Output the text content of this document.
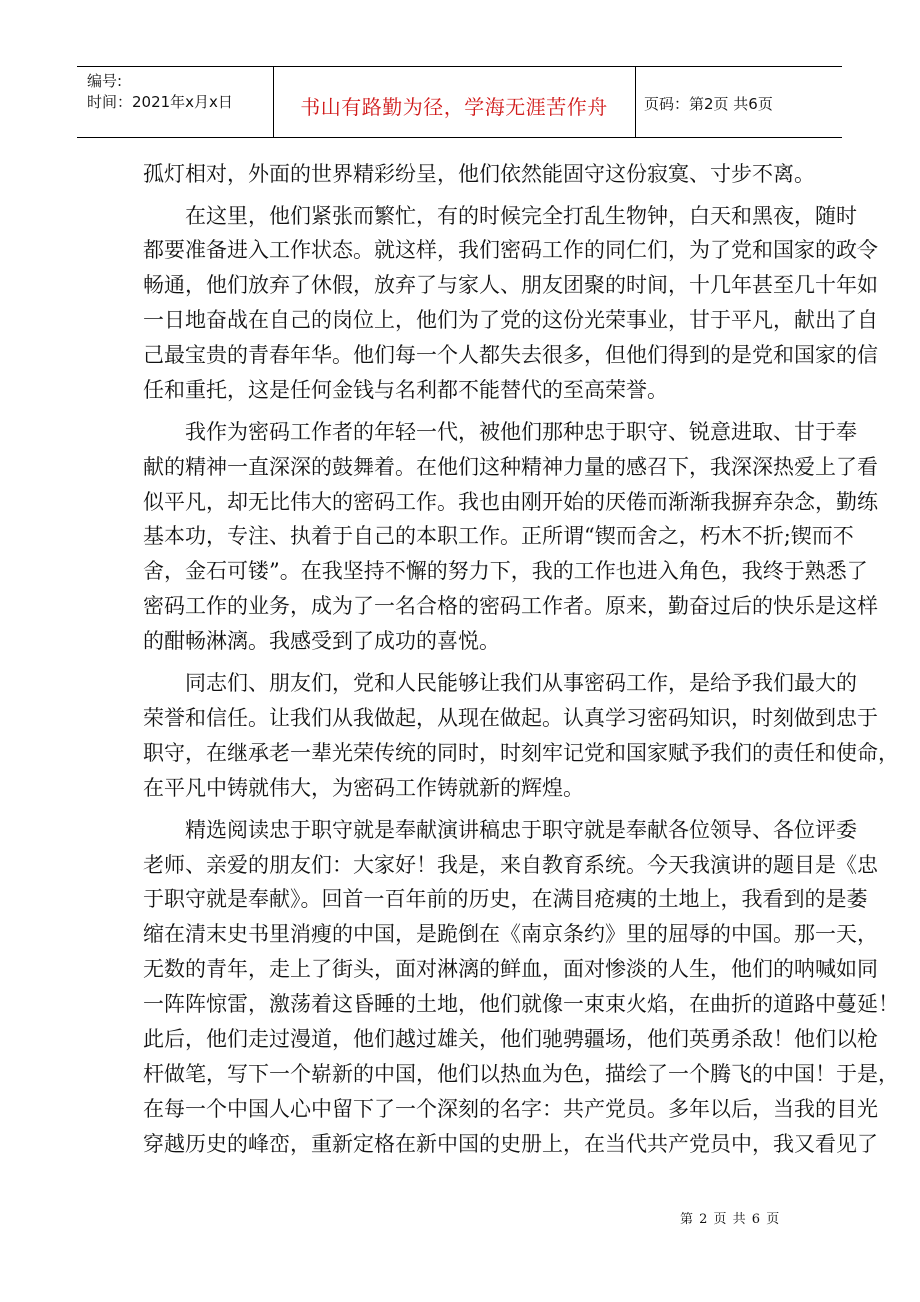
编号:
时间：2021年x月x日	书山有路勤为径，学海无涯苦作舟	页码：第2页 共6页
孤灯相对，外面的世界精彩纷呈，他们依然能固守这份寂寞、寸步不离。
　　在这里，他们紧张而繁忙，有的时候完全打乱生物钟，白天和黑夜，随时
都要准备进入工作状态。就这样，我们密码工作的同仁们，为了党和国家的政令
畅通，他们放弃了休假，放弃了与家人、朋友团聚的时间，十几年甚至几十年如
一日地奋战在自己的岗位上，他们为了党的这份光荣事业，甘于平凡，献出了自
己最宝贵的青春年华。他们每一个人都失去很多，但他们得到的是党和国家的信
任和重托，这是任何金钱与名利都不能替代的至高荣誉。
　　我作为密码工作者的年轻一代，被他们那种忠于职守、锐意进取、甘于奉
献的精神一直深深的鼓舞着。在他们这种精神力量的感召下，我深深热爱上了看
似平凡，却无比伟大的密码工作。我也由刚开始的厌倦而渐渐我摒弃杂念，勤练
基本功，专注、执着于自己的本职工作。正所谓“锲而舍之，朽木不折;锲而不
舍，金石可镂”。在我坚持不懈的努力下，我的工作也进入角色，我终于熟悉了
密码工作的业务，成为了一名合格的密码工作者。原来，勤奋过后的快乐是这样
的酣畅淋漓。我感受到了成功的喜悦。
　　同志们、朋友们，党和人民能够让我们从事密码工作，是给予我们最大的
荣誉和信任。让我们从我做起，从现在做起。认真学习密码知识，时刻做到忠于
职守，在继承老一辈光荣传统的同时，时刻牢记党和国家赋予我们的责任和使命，
在平凡中铸就伟大，为密码工作铸就新的辉煌。
　　精选阅读忠于职守就是奉献演讲稿忠于职守就是奉献各位领导、各位评委
老师、亲爱的朋友们：大家好！我是，来自教育系统。今天我演讲的题目是《忠
于职守就是奉献》。回首一百年前的历史，在满目疮痍的土地上，我看到的是萎
缩在清末史书里消瘦的中国，是跪倒在《南京条约》里的屈辱的中国。那一天，
无数的青年，走上了街头，面对淋漓的鲜血，面对惨淡的人生，他们的呐喊如同
一阵阵惊雷，激荡着这昏睡的土地，他们就像一束束火焰，在曲折的道路中蔓延！
此后，他们走过漫道，他们越过雄关，他们驰骋疆场，他们英勇杀敌！他们以枪
杆做笔，写下一个崭新的中国，他们以热血为色，描绘了一个腾飞的中国！于是，
在每一个中国人心中留下了一个深刻的名字：共产党员。多年以后，当我的目光
穿越历史的峰峦，重新定格在新中国的史册上，在当代共产党员中，我又看见了
第 2 页 共 6 页
